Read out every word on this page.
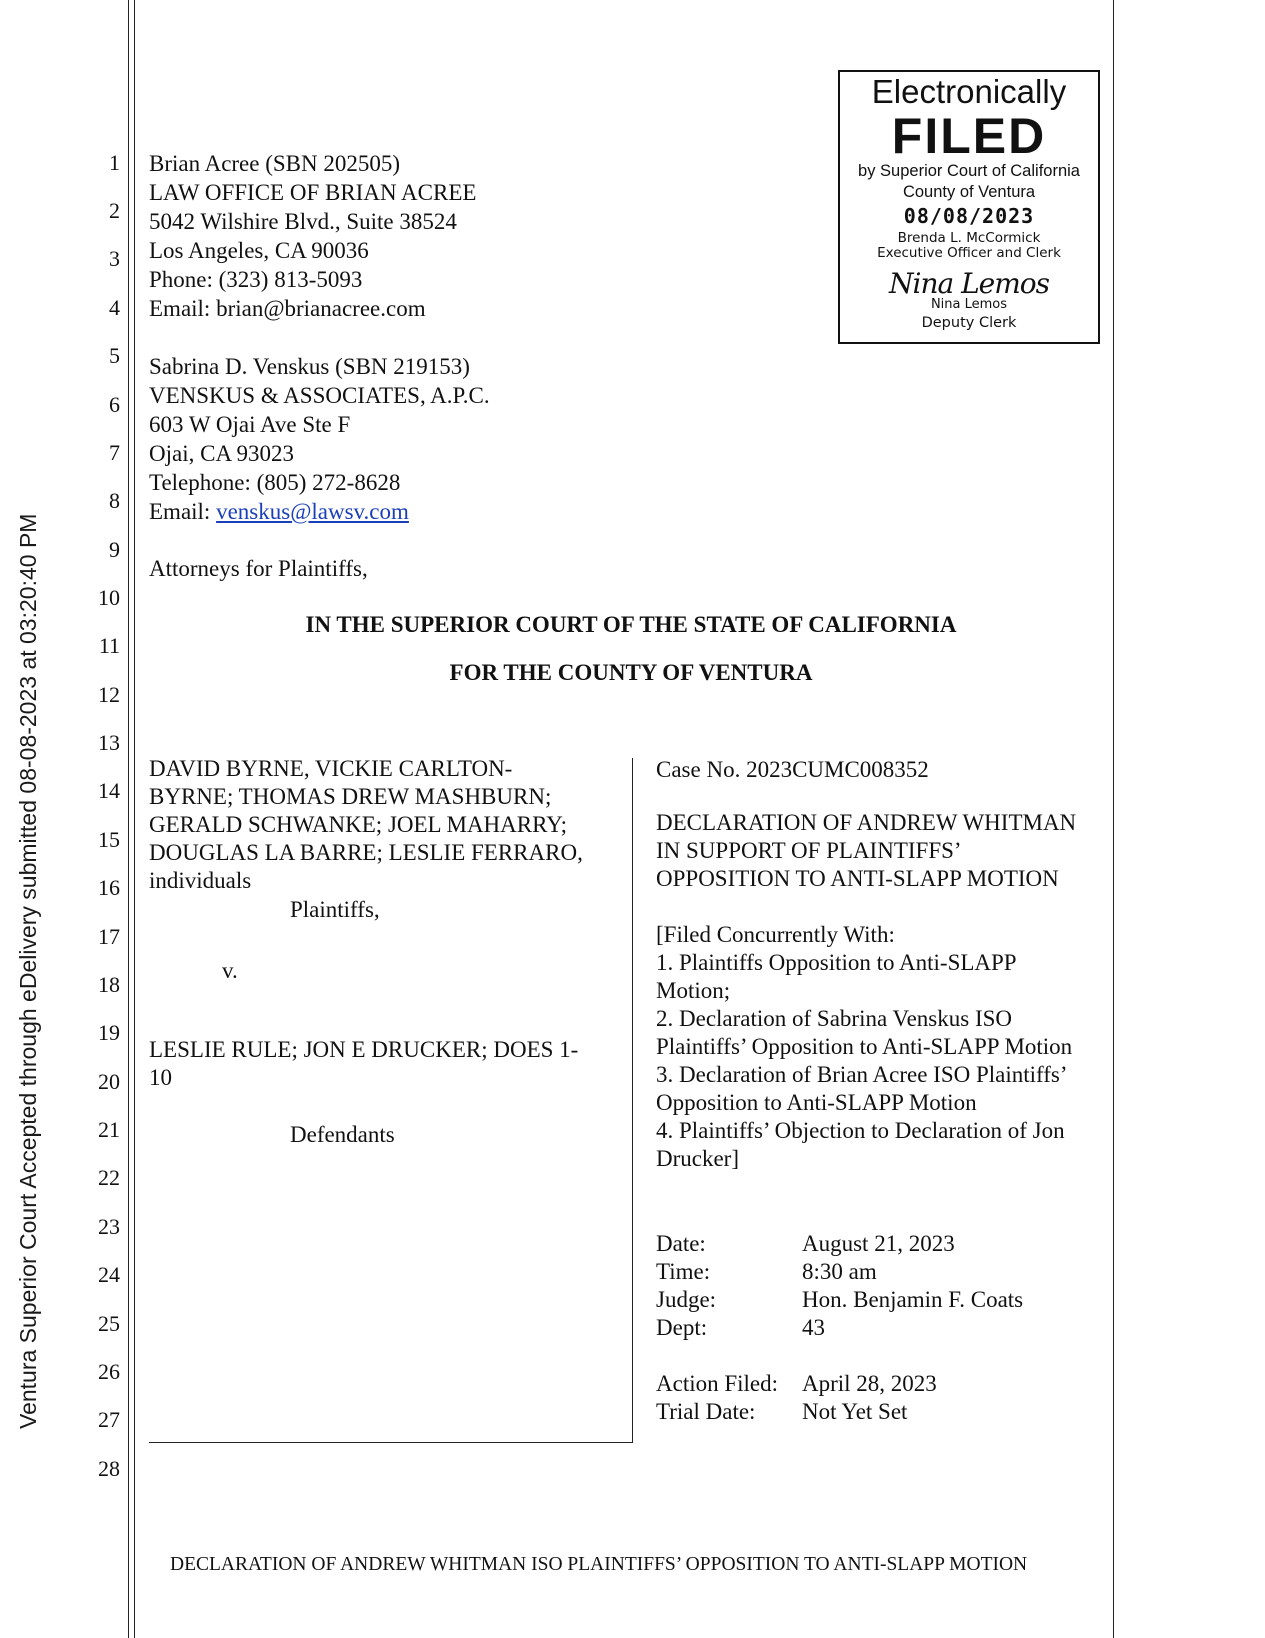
Ventura Superior Court Accepted through eDelivery submitted 08-08-2023 at 03:20:40 PM
1
2
3
4
5
6
7
8
9
10
11
12
13
14
15
16
17
18
19
20
21
22
23
24
25
26
27
28
Brian Acree (SBN 202505)
LAW OFFICE OF BRIAN ACREE
5042 Wilshire Blvd., Suite 38524
Los Angeles, CA 90036
Phone: (323) 813-5093
Email: brian@brianacree.com
Sabrina D. Venskus (SBN 219153)
VENSKUS & ASSOCIATES, A.P.C.
603 W Ojai Ave Ste F
Ojai, CA 93023
Telephone: (805) 272-8628
Email: venskus@lawsv.com
Attorneys for Plaintiffs,
Electronically
FILED
by Superior Court of California
County of Ventura
08/08/2023
Brenda L. McCormick
Executive Officer and Clerk
Nina Lemos
Nina Lemos
Deputy Clerk
IN THE SUPERIOR COURT OF THE STATE OF CALIFORNIA
FOR THE COUNTY OF VENTURA
DAVID BYRNE, VICKIE CARLTON-
BYRNE; THOMAS DREW MASHBURN;
GERALD SCHWANKE; JOEL MAHARRY;
DOUGLAS LA BARRE; LESLIE FERRARO,
individuals
Plaintiffs,
v.
LESLIE RULE; JON E DRUCKER; DOES 1-
10
Defendants
Case No. 2023CUMC008352
DECLARATION OF ANDREW WHITMAN
IN SUPPORT OF PLAINTIFFS’
OPPOSITION TO ANTI-SLAPP MOTION
[Filed Concurrently With:
1. Plaintiffs Opposition to Anti-SLAPP
Motion;
2. Declaration of Sabrina Venskus ISO
Plaintiffs’ Opposition to Anti-SLAPP Motion
3. Declaration of Brian Acree ISO Plaintiffs’
Opposition to Anti-SLAPP Motion
4. Plaintiffs’ Objection to Declaration of Jon
Drucker]
Date:	August 21, 2023
Time:	8:30 am
Judge:	Hon. Benjamin F. Coats
Dept:	43
Action Filed: April 28, 2023
Trial Date: Not Yet Set
DECLARATION OF ANDREW WHITMAN ISO PLAINTIFFS’ OPPOSITION TO ANTI-SLAPP MOTION
